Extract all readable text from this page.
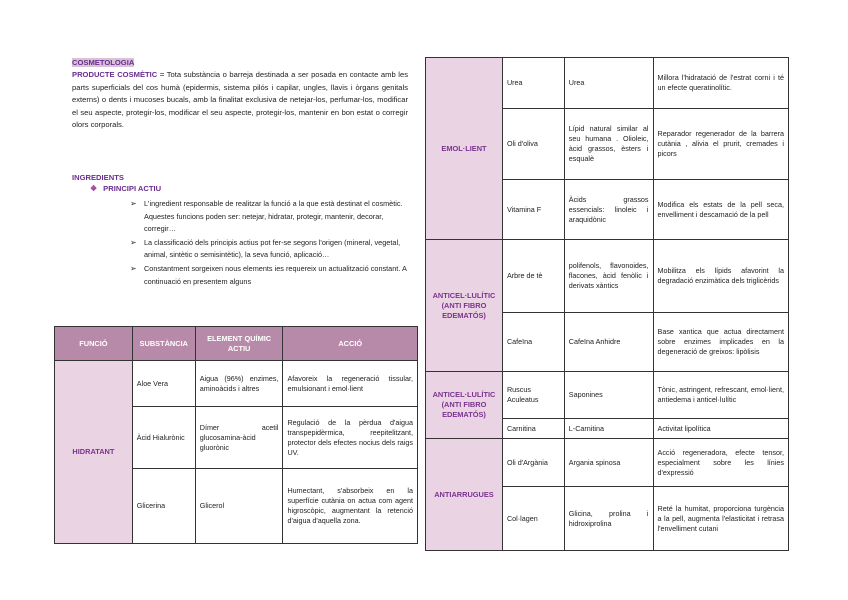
COSMETOLOGIA
PRODUCTE COSMÈTIC = Tota substància o barreja destinada a ser posada en contacte amb les parts superficials del cos humà (epidermis, sistema pilós i capilar, ungles, llavis i òrgans genitals externs) o dents i mucoses bucals, amb la finalitat exclusiva de netejar-los, perfumar-los, modificar el seu aspecte, protegir-los, modificar el seu aspecte, protegir-los, mantenir en bon estat o corregir olors corporals.
INGREDIENTS
❖ PRINCIPI ACTIU
➢ L'ingredient responsable de realitzar la funció a la que està destinat el cosmètic. Aquestes funcions poden ser: netejar, hidratar, protegir, mantenir, decorar, corregir…
➢ La classificació dels principis actius pot fer-se segons l'origen (mineral, vegetal, animal, sintètic o semisintètic), la seva funció, aplicació…
➢ Constantment sorgeixen nous elements ies requereix un actualització constant. A continuació en presentem alguns
FUNCIÓ	SUBSTÀNCIA	ELEMENT QUÍMIC ACTIU	ACCIÓ
HIDRATANT	Aloe Vera	Aigua (96%) enzimes, aminoàcids i altres	Afavoreix la regeneració tissular, emulsionant i emol·lient
	Àcid Hialurònic	Dímer acetil glucosamina-àcid gluorònic	Regulació de la pèrdua d'aigua transpepidèrmica, reepitelitzant, protector dels efectes nocius dels raigs UV.
	Glicerina	Glicerol	Humectant, s'absorbeix en la superfície cutània on actua com agent higroscòpic, augmentant la retenció d'aigua d'aquella zona.
EMOL·LIENT	Urea	Urea	Millora l'hidratació de l'estrat corni i té un efecte queratinolític.
	Oli d'oliva	Lípid natural similar al seu humana . Olioleic, àcid grassos, èsters i esqualè	Reparador regenerador de la barrera cutània , alivia el prurit, cremades i picors
	Vitamina F	Àcids grassos essencials: linoleic i araquidònic	Modifica els estats de la pell seca, envelliment i descamació de la pell
ANTICEL·LULÍTIC (ANTI FIBRO EDEMATÓS)	Arbre de tè	polifenols, flavonoides, flacones, àcid fenòlic i derivats xàntics	Mobilitza els lípids afavorint la degradació enzimàtica dels triglicèrids
	Cafeïna	Cafeïna Anhidre	Base xantica que actua directament sobre enzimes implicades en la degeneració de greixos: lipòlisis
ANTICEL·LULÍTIC (ANTI FIBRO EDEMATÓS)	Ruscus Aculeatus	Saponines	Tònic, astringent, refrescant, emol·lient, antiedema i anticel·lulític
	Carnitina	L-Carnitina	Activitat lipolítica
ANTIARRUGUES	Oli d'Argània	Argania spinosa	Acció regeneradora, efecte tensor, especialment sobre les línies d'expressió
	Col·lagen	Glicina, prolina i hidroxiprolina	Reté la humitat, proporciona turgència a la pell, augmenta l'elasticitat i retrasa l'envelliment cutani
